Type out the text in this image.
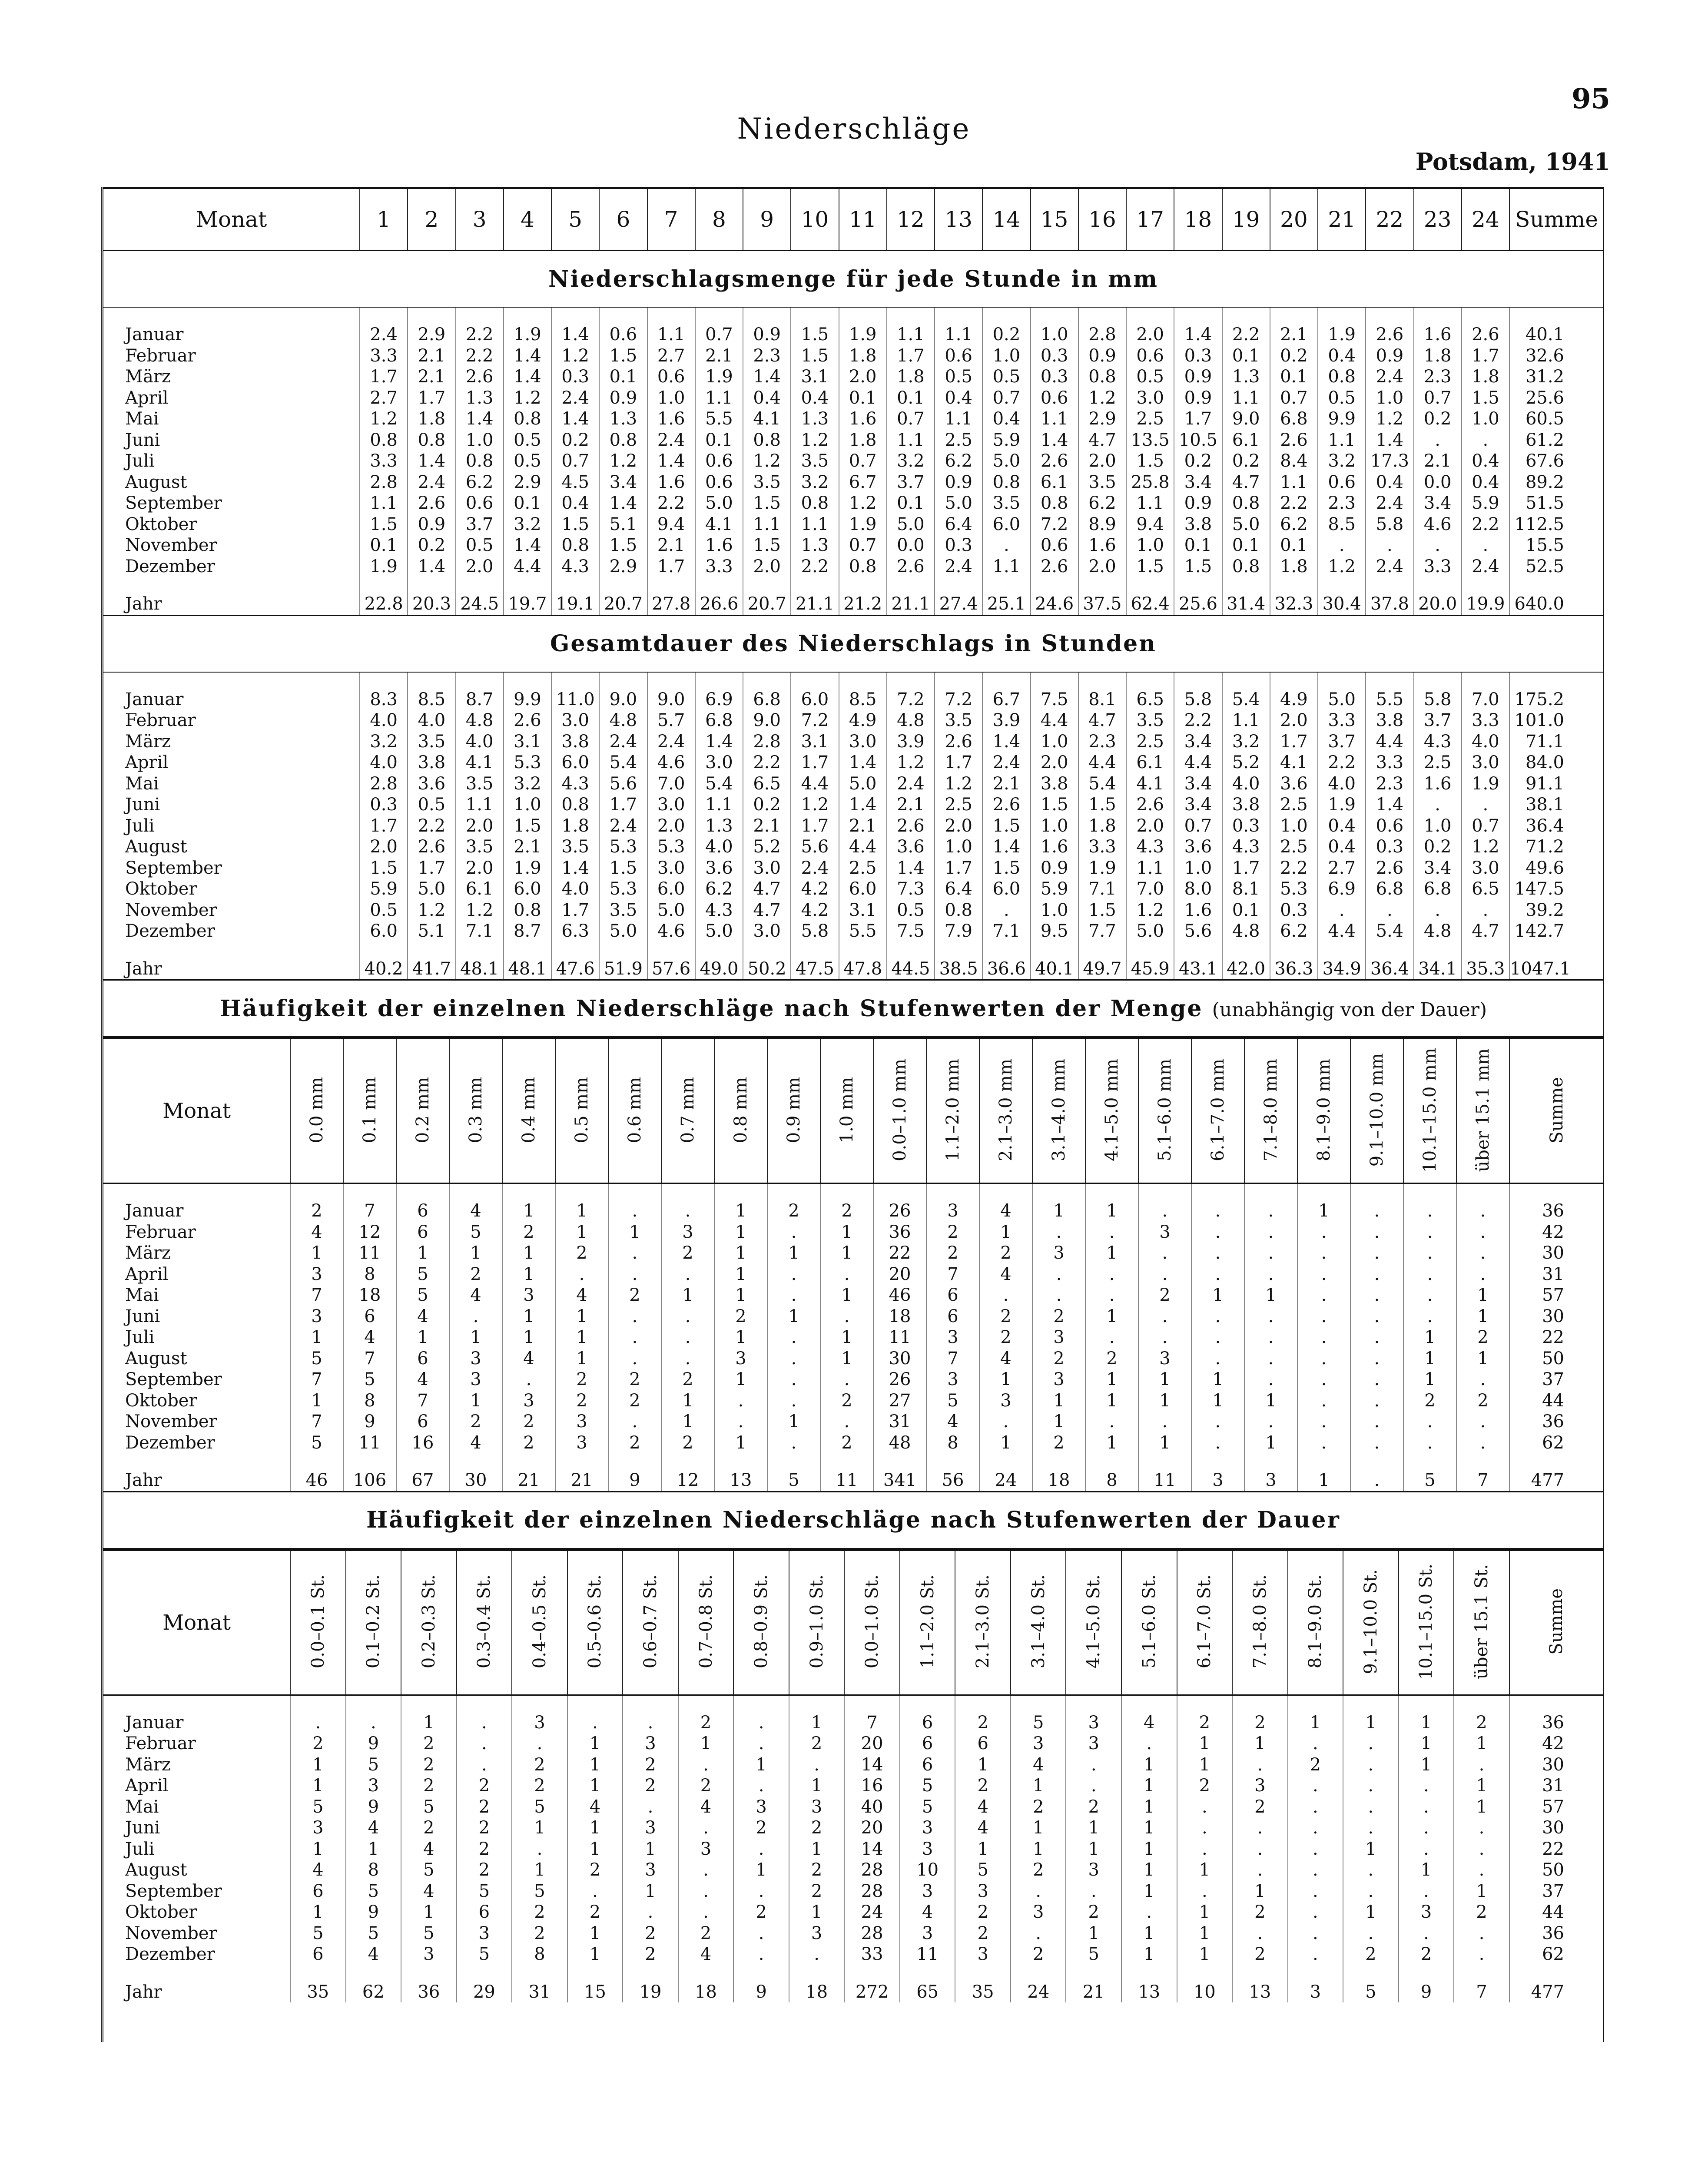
95
Niederschläge
Potsdam, 1941
Monat	1	2	3	4	5	6	7	8	9	10	11	12	13	14	15	16	17	18	19	20	21	22	23	24	Summe
Niederschlagsmenge für jede Stunde in mm

Januar	2.4	2.9	2.2	1.9	1.4	0.6	1.1	0.7	0.9	1.5	1.9	1.1	1.1	0.2	1.0	2.8	2.0	1.4	2.2	2.1	1.9	2.6	1.6	2.6	40.1
Februar	3.3	2.1	2.2	1.4	1.2	1.5	2.7	2.1	2.3	1.5	1.8	1.7	0.6	1.0	0.3	0.9	0.6	0.3	0.1	0.2	0.4	0.9	1.8	1.7	32.6
März	1.7	2.1	2.6	1.4	0.3	0.1	0.6	1.9	1.4	3.1	2.0	1.8	0.5	0.5	0.3	0.8	0.5	0.9	1.3	0.1	0.8	2.4	2.3	1.8	31.2
April	2.7	1.7	1.3	1.2	2.4	0.9	1.0	1.1	0.4	0.4	0.1	0.1	0.4	0.7	0.6	1.2	3.0	0.9	1.1	0.7	0.5	1.0	0.7	1.5	25.6
Mai	1.2	1.8	1.4	0.8	1.4	1.3	1.6	5.5	4.1	1.3	1.6	0.7	1.1	0.4	1.1	2.9	2.5	1.7	9.0	6.8	9.9	1.2	0.2	1.0	60.5
Juni	0.8	0.8	1.0	0.5	0.2	0.8	2.4	0.1	0.8	1.2	1.8	1.1	2.5	5.9	1.4	4.7	13.5	10.5	6.1	2.6	1.1	1.4	.	.	61.2
Juli	3.3	1.4	0.8	0.5	0.7	1.2	1.4	0.6	1.2	3.5	0.7	3.2	6.2	5.0	2.6	2.0	1.5	0.2	0.2	8.4	3.2	17.3	2.1	0.4	67.6
August	2.8	2.4	6.2	2.9	4.5	3.4	1.6	0.6	3.5	3.2	6.7	3.7	0.9	0.8	6.1	3.5	25.8	3.4	4.7	1.1	0.6	0.4	0.0	0.4	89.2
September	1.1	2.6	0.6	0.1	0.4	1.4	2.2	5.0	1.5	0.8	1.2	0.1	5.0	3.5	0.8	6.2	1.1	0.9	0.8	2.2	2.3	2.4	3.4	5.9	51.5
Oktober	1.5	0.9	3.7	3.2	1.5	5.1	9.4	4.1	1.1	1.1	1.9	5.0	6.4	6.0	7.2	8.9	9.4	3.8	5.0	6.2	8.5	5.8	4.6	2.2	112.5
November	0.1	0.2	0.5	1.4	0.8	1.5	2.1	1.6	1.5	1.3	0.7	0.0	0.3	.	0.6	1.6	1.0	0.1	0.1	0.1	.	.	.	.	15.5
Dezember	1.9	1.4	2.0	4.4	4.3	2.9	1.7	3.3	2.0	2.2	0.8	2.6	2.4	1.1	2.6	2.0	1.5	1.5	0.8	1.8	1.2	2.4	3.3	2.4	52.5

Jahr	22.8	20.3	24.5	19.7	19.1	20.7	27.8	26.6	20.7	21.1	21.2	21.1	27.4	25.1	24.6	37.5	62.4	25.6	31.4	32.3	30.4	37.8	20.0	19.9	640.0
Gesamtdauer des Niederschlags in Stunden

Januar	8.3	8.5	8.7	9.9	11.0	9.0	9.0	6.9	6.8	6.0	8.5	7.2	7.2	6.7	7.5	8.1	6.5	5.8	5.4	4.9	5.0	5.5	5.8	7.0	175.2
Februar	4.0	4.0	4.8	2.6	3.0	4.8	5.7	6.8	9.0	7.2	4.9	4.8	3.5	3.9	4.4	4.7	3.5	2.2	1.1	2.0	3.3	3.8	3.7	3.3	101.0
März	3.2	3.5	4.0	3.1	3.8	2.4	2.4	1.4	2.8	3.1	3.0	3.9	2.6	1.4	1.0	2.3	2.5	3.4	3.2	1.7	3.7	4.4	4.3	4.0	71.1
April	4.0	3.8	4.1	5.3	6.0	5.4	4.6	3.0	2.2	1.7	1.4	1.2	1.7	2.4	2.0	4.4	6.1	4.4	5.2	4.1	2.2	3.3	2.5	3.0	84.0
Mai	2.8	3.6	3.5	3.2	4.3	5.6	7.0	5.4	6.5	4.4	5.0	2.4	1.2	2.1	3.8	5.4	4.1	3.4	4.0	3.6	4.0	2.3	1.6	1.9	91.1
Juni	0.3	0.5	1.1	1.0	0.8	1.7	3.0	1.1	0.2	1.2	1.4	2.1	2.5	2.6	1.5	1.5	2.6	3.4	3.8	2.5	1.9	1.4	.	.	38.1
Juli	1.7	2.2	2.0	1.5	1.8	2.4	2.0	1.3	2.1	1.7	2.1	2.6	2.0	1.5	1.0	1.8	2.0	0.7	0.3	1.0	0.4	0.6	1.0	0.7	36.4
August	2.0	2.6	3.5	2.1	3.5	5.3	5.3	4.0	5.2	5.6	4.4	3.6	1.0	1.4	1.6	3.3	4.3	3.6	4.3	2.5	0.4	0.3	0.2	1.2	71.2
September	1.5	1.7	2.0	1.9	1.4	1.5	3.0	3.6	3.0	2.4	2.5	1.4	1.7	1.5	0.9	1.9	1.1	1.0	1.7	2.2	2.7	2.6	3.4	3.0	49.6
Oktober	5.9	5.0	6.1	6.0	4.0	5.3	6.0	6.2	4.7	4.2	6.0	7.3	6.4	6.0	5.9	7.1	7.0	8.0	8.1	5.3	6.9	6.8	6.8	6.5	147.5
November	0.5	1.2	1.2	0.8	1.7	3.5	5.0	4.3	4.7	4.2	3.1	0.5	0.8	.	1.0	1.5	1.2	1.6	0.1	0.3	.	.	.	.	39.2
Dezember	6.0	5.1	7.1	8.7	6.3	5.0	4.6	5.0	3.0	5.8	5.5	7.5	7.9	7.1	9.5	7.7	5.0	5.6	4.8	6.2	4.4	5.4	4.8	4.7	142.7

Jahr	40.2	41.7	48.1	48.1	47.6	51.9	57.6	49.0	50.2	47.5	47.8	44.5	38.5	36.6	40.1	49.7	45.9	43.1	42.0	36.3	34.9	36.4	34.1	35.3	1047.1
Häufigkeit der einzelnen Niederschläge nach Stufenwerten der Menge (unabhängig von der Dauer)

Monat	0.0 mm	0.1 mm	0.2 mm	0.3 mm	0.4 mm	0.5 mm	0.6 mm	0.7 mm	0.8 mm	0.9 mm	1.0 mm	0.0–1.0 mm	1.1–2.0 mm	2.1–3.0 mm	3.1–4.0 mm	4.1–5.0 mm	5.1–6.0 mm	6.1–7.0 mm	7.1–8.0 mm	8.1–9.0 mm	9.1–10.0 mm	10.1–15.0 mm	über 15.1 mm	Summe

Januar	2	7	6	4	1	1	.	.	1	2	2	26	3	4	1	1	.	.	.	1	.	.	.	36
Februar	4	12	6	5	2	1	1	3	1	.	1	36	2	1	.	.	3	.	.	.	.	.	.	42
März	1	11	1	1	1	2	.	2	1	1	1	22	2	2	3	1	.	.	.	.	.	.	.	30
April	3	8	5	2	1	.	.	.	1	.	.	20	7	4	.	.	.	.	.	.	.	.	.	31
Mai	7	18	5	4	3	4	2	1	1	.	1	46	6	.	.	.	2	1	1	.	.	.	1	57
Juni	3	6	4	.	1	1	.	.	2	1	.	18	6	2	2	1	.	.	.	.	.	.	1	30
Juli	1	4	1	1	1	1	.	.	1	.	1	11	3	2	3	.	.	.	.	.	.	1	2	22
August	5	7	6	3	4	1	.	.	3	.	1	30	7	4	2	2	3	.	.	.	.	1	1	50
September	7	5	4	3	.	2	2	2	1	.	.	26	3	1	3	1	1	1	.	.	.	1	.	37
Oktober	1	8	7	1	3	2	2	1	.	.	2	27	5	3	1	1	1	1	1	.	.	2	2	44
November	7	9	6	2	2	3	.	1	.	1	.	31	4	.	1	.	.	.	.	.	.	.	.	36
Dezember	5	11	16	4	2	3	2	2	1	.	2	48	8	1	2	1	1	.	1	.	.	.	.	62

Jahr	46	106	67	30	21	21	9	12	13	5	11	341	56	24	18	8	11	3	3	1	.	5	7	477

Häufigkeit der einzelnen Niederschläge nach Stufenwerten der Dauer

Monat	0.0–0.1 St.	0.1–0.2 St.	0.2–0.3 St.	0.3–0.4 St.	0.4–0.5 St.	0.5–0.6 St.	0.6–0.7 St.	0.7–0.8 St.	0.8–0.9 St.	0.9–1.0 St.	0.0–1.0 St.	1.1–2.0 St.	2.1–3.0 St.	3.1–4.0 St.	4.1–5.0 St.	5.1–6.0 St.	6.1–7.0 St.	7.1–8.0 St.	8.1–9.0 St.	9.1–10.0 St.	10.1–15.0 St.	über 15.1 St.	Summe

Januar	.	.	1	.	3	.	.	2	.	1	7	6	2	5	3	4	2	2	1	1	1	2	36
Februar	2	9	2	.	.	1	3	1	.	2	20	6	6	3	3	.	1	1	.	.	1	1	42
März	1	5	2	.	2	1	2	.	1	.	14	6	1	4	.	1	1	.	2	.	1	.	30
April	1	3	2	2	2	1	2	2	.	1	16	5	2	1	.	1	2	3	.	.	.	1	31
Mai	5	9	5	2	5	4	.	4	3	3	40	5	4	2	2	1	.	2	.	.	.	1	57
Juni	3	4	2	2	1	1	3	.	2	2	20	3	4	1	1	1	.	.	.	.	.	.	30
Juli	1	1	4	2	.	1	1	3	.	1	14	3	1	1	1	1	.	.	.	1	.	.	22
August	4	8	5	2	1	2	3	.	1	2	28	10	5	2	3	1	1	.	.	.	1	.	50
September	6	5	4	5	5	.	1	.	.	2	28	3	3	.	.	1	.	1	.	.	.	1	37
Oktober	1	9	1	6	2	2	.	.	2	1	24	4	2	3	2	.	1	2	.	1	3	2	44
November	5	5	5	3	2	1	2	2	.	3	28	3	2	.	1	1	1	.	.	.	.	.	36
Dezember	6	4	3	5	8	1	2	4	.	.	33	11	3	2	5	1	1	2	.	2	2	.	62

Jahr	35	62	36	29	31	15	19	18	9	18	272	65	35	24	21	13	10	13	3	5	9	7	477
